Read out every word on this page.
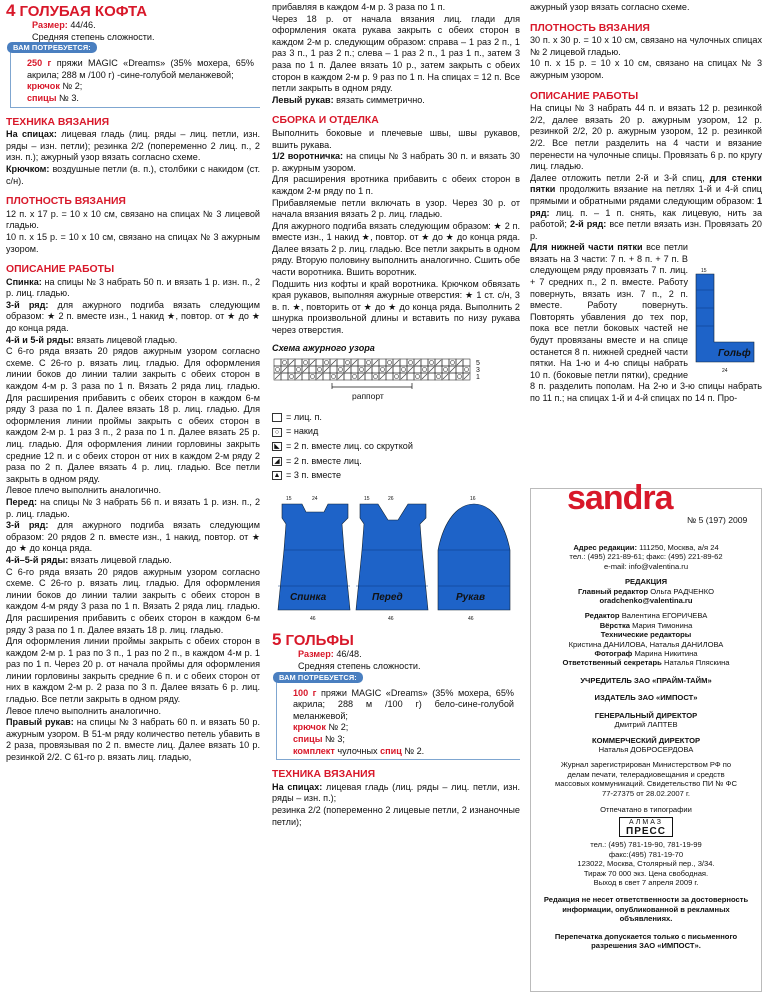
4 ГОЛУБАЯ КОФТА
Размер: 44/46.
Средняя степень сложности.
ВАМ ПОТРЕБУЕТСЯ:

250 г пряжи MAGIC «Dreams» (35% мохера, 65% акрила; 288 м /100 г) -сине-голубой меланжевой;

крючок № 2;

спицы № 3.

ТЕХНИКА ВЯЗАНИЯ

На спицах: лицевая гладь (лиц. ряды – лиц. петли, изн. ряды – изн. петли); резинка 2/2 (попеременно 2 лиц. п., 2 изн. п.); ажурный узор вязать согласно схеме.

Крючком: воздушные петли (в. п.), столбики с накидом (ст. с/н).

ПЛОТНОСТЬ ВЯЗАНИЯ

12 п. х 17 р. = 10 х 10 см, связано на спицах № 3 лицевой гладью.

10 п. х 15 р. = 10 х 10 см, связано на спицах № 3 ажурным узором.

ОПИСАНИЕ РАБОТЫ

Спинка: на спицы № 3 набрать 50 п. и вязать 1 р. изн. п., 2 р. лиц. гладью.

3-й ряд: для ажурного подгиба вязать следующим образом: ★ 2 п. вместе изн., 1 накид ★, повтор. от ★ до ★ до конца ряда.

4-й и 5-й ряды: вязать лицевой гладью.

С 6-го ряда вязать 20 рядов ажурным узором согласно схеме. С 26-го р. вязать лиц. гладью. Для оформления линии боков до линии талии закрыть с обеих сторон в каждом 4-м р. 3 раза по 1 п. Вязать 2 ряда лиц. гладью. Для расширения прибавить с обеих сторон в каждом 6-м ряду 3 раза по 1 п. Далее вязать 18 р. лиц. гладью. Для оформления линии проймы закрыть с обеих сторон в каждом 2-м р. 1 раз 3 п., 2 раза по 1 п. Далее вязать 25 р. лиц. гладью. Для оформления линии горловины закрыть средние 12 п. и с обеих сторон от них в каждом 2-м ряду 2 раза по 2 п. Далее вязать 4 р. лиц. гладью. Все петли закрыть в одном ряду.

Левое плечо выполнить аналогично.

Перед: на спицы № 3 набрать 56 п. и вязать 1 р. изн. п., 2 р. лиц. гладью.

3-й ряд: для ажурного подгиба вязать следующим образом: 20 рядов 2 п. вместе изн., 1 накид, повтор. от ★ до ★ до конца ряда.

4-й–5-й ряды: вязать лицевой гладью.

С 6-го ряда вязать 20 рядов ажурным узором согласно схеме. С 26-го р. вязать лиц. гладью. Для оформления линии боков до линии талии закрыть с обеих сторон в каждом 4-м ряду 3 раза по 1 п. Вязать 2 ряда лиц. гладью. Для расширения прибавить с обеих сторон в каждом 6-м ряду 3 раза по 1 п. Далее вязать 18 р. лиц. гладью.

Для оформления линии проймы закрыть с обеих сторон в каждом 2-м р. 1 раз по 3 п., 1 раз по 2 п., в каждом 4-м р. 1 раз по 1 п. Через 20 р. от начала проймы для оформления линии горловины закрыть средние 6 п. и с обеих сторон от них в каждом 2-м р. 2 раза по 3 п. Далее вязать 6 р. лиц. гладью. Все петли закрыть в одном ряду.

Левое плечо выполнить аналогично.

Правый рукав: на спицы № 3 набрать 60 п. и вязать 50 р. ажурным узором. В 51-м ряду количество петель убавить в 2 раза, провязывая по 2 п. вместе лиц. Далее вязать 10 р. резинкой 2/2. С 61-го р. вязать лиц. гладью,

прибавляя в каждом 4-м р. 3 раза по 1 п.

Через 18 р. от начала вязания лиц. глади для оформления оката рукава закрыть с обеих сторон в каждом 2-м р. следующим образом: справа – 1 раз 2 п., 1 раз 3 п., 1 раз 2 п.; слева – 1 раз 2 п., 1 раз 1 п., затем 3 раза по 1 п. Далее вязать 10 р., затем закрыть с обеих сторон в каждом 2-м р. 9 раз по 1 п. На спицах = 12 п. Все петли закрыть в одном ряду.

Левый рукав: вязать симметрично.

СБОРКА И ОТДЕЛКА

Выполнить боковые и плечевые швы, швы рукавов, вшить рукава.

1/2 воротничка: на спицы № 3 набрать 30 п. и вязать 30 р. ажурным узором.

Для расширения вротника прибавить с обеих сторон в каждом 2-м ряду по 1 п.

Прибавляемые петли включать в узор. Через 30 р. от начала вязания вязать 2 р. лиц. гладью.

Для ажурного подгиба вязать следующим образом: ★ 2 п. вместе изн., 1 накид ★, повтор. от ★ до ★ до конца ряда. Далее вязать 2 р. лиц. гладью. Все петли закрыть в одном ряду. Вторую половину выполнить аналогично. Сшить обе части воротника. Вшить воротник.

Подшить низ кофты и край воротника. Крючком обвязать края рукавов, выполняя ажурные отверстия: ★ 1 ст. с/н, 3 в. п. ★, повторить от ★ до ★ до конца ряда. Выполнить 2 шнурка произвольной длины и вставить по низу рукава через отверстия.

Схема ажурного узора
5
3
1
раппорт
= лиц. п.
○ = накид
◣ = 2 п. вместе лиц. со скруткой
◢ = 2 п. вместе лиц.
▲ = 3 п. вместе
Спинка
15	24
46
Перед
15	26
46
Рукав
16
46
5 ГОЛЬФЫ
Размер: 46/48.
Средняя степень сложности.
ВАМ ПОТРЕБУЕТСЯ:

100 г пряжи MAGIC «Dreams» (35% мохера, 65% акрила; 288 м /100 г) бело-сине-голубой меланжевой;

крючок № 2;

спицы № 3;

комплект чулочных спиц № 2.

ТЕХНИКА ВЯЗАНИЯ

На спицах: лицевая гладь (лиц. ряды – лиц. петли, изн. ряды – изн. п.);

резинка 2/2 (попеременно 2 лицевые петли, 2 изнаночные петли);

ажурный узор вязать согласно схеме.

ПЛОТНОСТЬ ВЯЗАНИЯ

30 п. х 30 р. = 10 х 10 см, связано на чулочных спицах № 2 лицевой гладью.

10 п. х 15 р. = 10 х 10 см, связано на спицах № 3 ажурным узором.

ОПИСАНИЕ РАБОТЫ

На спицы № 3 набрать 44 п. и вязать 12 р. резинкой 2/2, далее вязать 20 р. ажурным узором, 12 р. резинкой 2/2, 20 р. ажурным узором, 12 р. резинкой 2/2. Все петли разделить на 4 части и вязание перенести на чулочные спицы. Провязать 6 р. по кругу лиц. гладью.

Далее отложить петли 2-й и 3-й спиц, для стенки пятки продолжить вязание на петлях 1-й и 4-й спиц прямыми и обратными рядами следующим образом: 1 ряд: лиц. п. – 1 п. снять, как лицевую, нить за работой; 2-й ряд: все петли вязать изн. Провязать 20 р.

15
24
Гольф

Для нижней части пятки все петли вязать на 3 части: 7 п. + 8 п. + 7 п. В следующем ряду провязать 7 п. лиц. + 7 средних п., 2 п. вместе. Работу повернуть, вязать изн. 7 п., 2 п. вместе. Работу повернуть. Повторять убавления до тех пор, пока все петли боковых частей не будут провязаны вместе и на спице останется 8 п. нижней средней части пятки. На 1-ю и 4-ю спицы набрать 10 п. (боковые петли пятки), средние 8 п. разделить пополам. На 2-ю и 3-ю спицы набрать по 11 п.; на спицах 1-й и 4-й спицах по 14 п. Про-

sandra
№ 5 (197) 2009
Адрес редакции: 111250, Москва, а/я 24
тел.: (495) 221-89-61; факс: (495) 221-89-62
e-mail: info@valentina.ru
РЕДАКЦИЯ
Главный редактор Ольга РАДЧЕНКО
oradchenko@valentina.ru
Редактор Валентина ЕГОРИЧЕВА
Вёрстка Мария Тимонина
Технические редакторы
Кристина ДАНИЛОВА, Наталья ДАНИЛОВА
Фотограф Марина Никитина
Ответственный секретарь Наталья Пляскина
УЧРЕДИТЕЛЬ ЗАО «ПРАЙМ-ТАЙМ»
ИЗДАТЕЛЬ ЗАО «ИМПОСТ»
ГЕНЕРАЛЬНЫЙ ДИРЕКТОР
Дмитрий ЛАПТЕВ
КОММЕРЧЕСКИЙ ДИРЕКТОР
Наталья ДОБРОСЕРДОВА
Журнал зарегистрирован Министерством РФ по делам печати, телерадиовещания и средств массовых коммуникаций. Свидетельство ПИ № ФС 77-27375 от 28.02.2007 г.
Отпечатано в типографии
АЛМАЗ
ПРЕСС
тел.: (495) 781-19-90, 781-19-99
факс:(495) 781-19-70
123022, Москва, Столярный пер., 3/34.
Тираж 70 000 экз. Цена свободная.
Выход в свет 7 апреля 2009 г.
Редакция не несет ответственности за достоверность информации, опубликованной в рекламных объявлениях.
Перепечатка допускается только с письменного разрешения ЗАО «ИМПОСТ».
